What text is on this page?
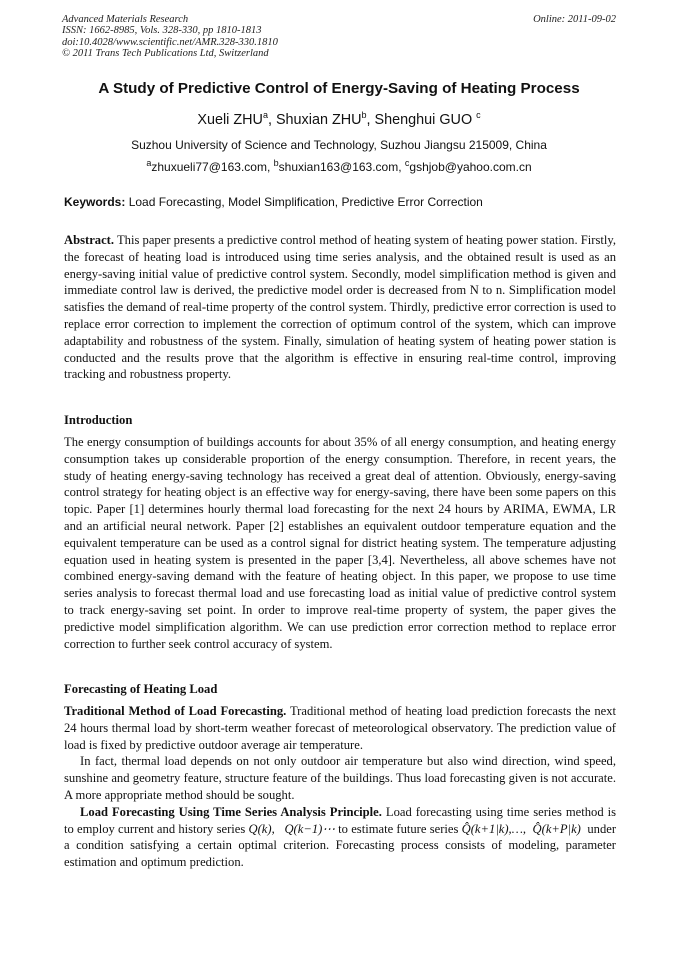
Advanced Materials Research
ISSN: 1662-8985, Vols. 328-330, pp 1810-1813
doi:10.4028/www.scientific.net/AMR.328-330.1810
© 2011 Trans Tech Publications Ltd, Switzerland
Online: 2011-09-02
A Study of Predictive Control of Energy-Saving of Heating Process
Xueli ZHU$^a$, Shuxian ZHU$^b$, Shenghui GUO $^c$
Suzhou University of Science and Technology, Suzhou Jiangsu 215009, China
$^a$zhuxueli77@163.com, $^b$shuxian163@163.com, $^c$gshjob@yahoo.com.cn
Keywords: Load Forecasting, Model Simplification, Predictive Error Correction

Abstract. This paper presents a predictive control method of heating system of heating power station. Firstly, the forecast of heating load is introduced using time series analysis, and the obtained result is used as an energy-saving initial value of predictive control system. Secondly, model simplification method is given and immediate control law is derived, the predictive model order is decreased from N to n. Simplification model satisfies the demand of real-time property of the control system. Thirdly, predictive error correction is used to replace error correction to implement the correction of optimum control of the system, which can improve adaptability and robustness of the system. Finally, simulation of heating system of heating power station is conducted and the results prove that the algorithm is effective in ensuring real-time control, improving tracking and robustness property.

Introduction

The energy consumption of buildings accounts for about 35% of all energy consumption, and heating energy consumption takes up considerable proportion of the energy consumption. Therefore, in recent years, the study of heating energy-saving technology has received a great deal of attention. Obviously, energy-saving control strategy for heating object is an effective way for energy-saving, there have been some papers on this topic. Paper [1] determines hourly thermal load forecasting for the next 24 hours by ARIMA, EWMA, LR and an artificial neural network. Paper [2] establishes an equivalent outdoor temperature equation and the equivalent temperature can be used as a control signal for district heating system. The temperature adjusting equation used in heating system is presented in the paper [3,4]. Nevertheless, all above schemes have not combined energy-saving demand with the feature of heating object. In this paper, we propose to use time series analysis to forecast thermal load and use forecasting load as initial value of predictive control system to track energy-saving set point. In order to improve real-time property of system, the paper gives the predictive model simplification algorithm. We can use prediction error correction method to replace error correction to further seek control accuracy of system.

Forecasting of Heating Load

Traditional Method of Load Forecasting. Traditional method of heating load prediction forecasts the next 24 hours thermal load by short-term weather forecast of meteorological observatory. The prediction value of load is fixed by predictive outdoor average air temperature.

In fact, thermal load depends on not only outdoor air temperature but also wind direction, wind speed, sunshine and geometry feature, structure feature of the buildings. Thus load forecasting given is not accurate. A more appropriate method should be sought.

Load Forecasting Using Time Series Analysis Principle. Load forecasting using time series method is to employ current and history series Q(k), Q(k−1)⋯ to estimate future series Q̂(k+1|k),…, Q̂(k+P|k) under a condition satisfying a certain optimal criterion. Forecasting process consists of modeling, parameter estimation and optimum prediction.
